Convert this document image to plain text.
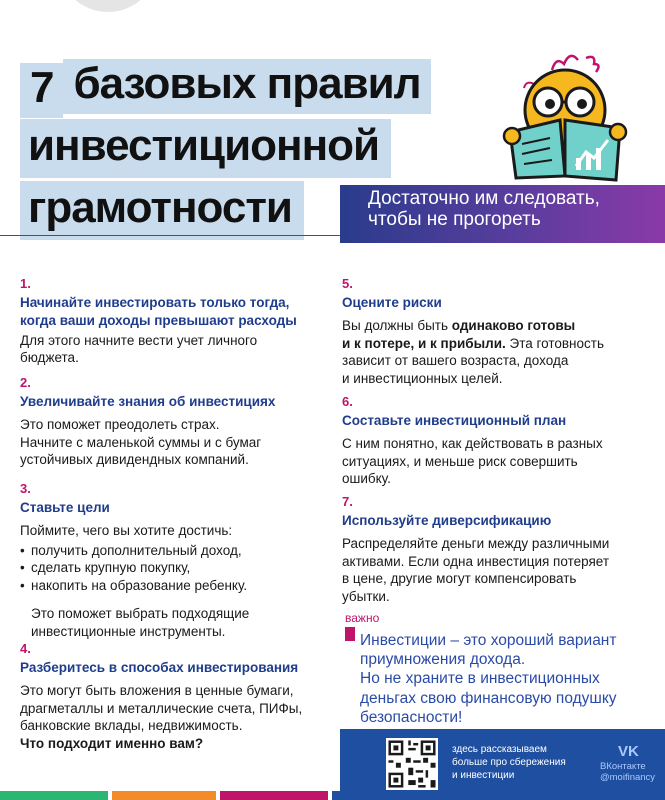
7 базовых правил
инвестиционной
грамотности	Достаточно им следовать,
чтобы не прогореть
1.
Начинайте инвестировать только тогда,
когда ваши доходы превышают расходы
Для этого начните вести учет личного
бюджета.
2.
Увеличивайте знания об инвестициях
Это поможет преодолеть страх.
Начните с маленькой суммы и с бумаг
устойчивых дивидендных компаний.
3.
Ставьте цели
Поймите, чего вы хотите достичь:
• получить дополнительный доход,
• сделать крупную покупку,
• накопить на образование ребенку.
Это поможет выбрать подходящие
инвестиционные инструменты.
4.
Разберитесь в способах инвестирования
Это могут быть вложения в ценные бумаги,
драгметаллы и металлические счета, ПИФы,
банковские вклады, недвижимость.
Что подходит именно вам?
5.
Оцените риски
Вы должны быть одинаково готовы
и к потере, и к прибыли. Эта готовность
зависит от вашего возраста, дохода
и инвестиционных целей.
6.
Составьте инвестиционный план
С ним понятно, как действовать в разных
ситуациях, и меньше риск совершить
ошибку.
7.
Используйте диверсификацию
Распределяйте деньги между различными
активами. Если одна инвестиция потеряет
в цене, другие могут компенсировать
убытки.
важно
Инвестиции – это хороший вариант
приумножения дохода.
Но не храните в инвестиционных
деньгах свою финансовую подушку
безопасности!
здесь рассказываем
больше про сбережения
и инвестиции
VK
ВКонтакте
@moifinancy
